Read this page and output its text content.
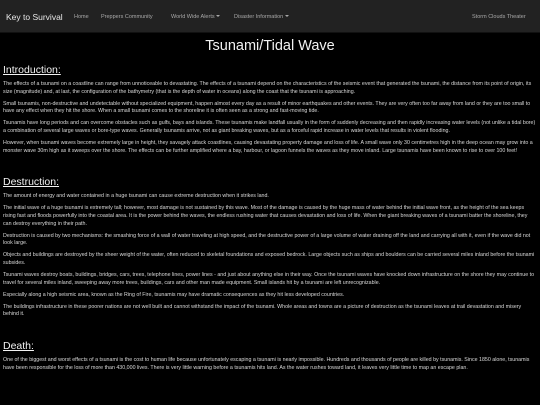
Key to Survival Home Preppers Community	World Wide Alerts	Disaster Information	Storm Clouds Theater
Tsunami/Tidal Wave
Introduction:

The effects of a tsunami on a coastline can range from unnoticeable to devastating. The effects of a tsunami depend on the characteristics of the seismic event that generated the tsunami, the distance from its point of origin, its size (magnitude) and, at last, the configuration of the bathymetry (that is the depth of water in oceans) along the coast that the tsunami is approaching.

Small tsunamis, non-destructive and undetectable without specialized equipment, happen almost every day as a result of minor earthquakes and other events. They are very often too far away from land or they are too small to have any effect when they hit the shore. When a small tsunami comes to the shoreline it is often seen as a strong and fast-moving tide.

Tsunamis have long periods and can overcome obstacles such as gulfs, bays and islands. These tsunamis make landfall usually in the form of suddenly decreasing and then rapidly increasing water levels (not unlike a tidal bore) a combination of several large waves or bore-type waves. Generally tsunamis arrive, not as giant breaking waves, but as a forceful rapid increase in water levels that results in violent flooding.

However, when tsunami waves become extremely large in height, they savagely attack coastlines, causing devastating property damage and loss of life. A small wave only 30 centimetres high in the deep ocean may grow into a monster wave 30m high as it sweeps over the shore. The effects can be further amplified where a bay, harbour, or lagoon funnels the waves as they move inland. Large tsunamis have been known to rise to over 100 feet!

Destruction:

The amount of energy and water contained in a huge tsunami can cause extreme destruction when it strikes land.

The initial wave of a huge tsunami is extremely tall; however, most damage is not sustained by this wave. Most of the damage is caused by the huge mass of water behind the initial wave front, as the height of the sea keeps rising fast and floods powerfully into the coastal area. It is the power behind the waves, the endless rushing water that causes devastation and loss of life. When the giant breaking waves of a tsunami batter the shoreline, they can destroy everything in their path.

Destruction is caused by two mechanisms: the smashing force of a wall of water traveling at high speed, and the destructive power of a large volume of water draining off the land and carrying all with it, even if the wave did not look large.

Objects and buildings are destroyed by the sheer weight of the water, often reduced to skeletal foundations and exposed bedrock. Large objects such as ships and boulders can be carried several miles inland before the tsunami subsides.

Tsunami waves destroy boats, buildings, bridges, cars, trees, telephone lines, power lines - and just about anything else in their way. Once the tsunami waves have knocked down infrastructure on the shore they may continue to travel for several miles inland, sweeping away more trees, buildings, cars and other man made equipment. Small islands hit by a tsunami are left unrecognizable.

Especially along a high seismic area, known as the Ring of Fire, tsunamis may have dramatic consequences as they hit less developed countries.

The buildings infrastructure in these poorer nations are not well built and cannot withstand the impact of the tsunami. Whole areas and towns are a picture of destruction as the tsunami leaves at trail devastation and misery behind it.

Death:

One of the biggest and worst effects of a tsunami is the cost to human life because unfortunately escaping a tsunami is nearly impossible. Hundreds and thousands of people are killed by tsunamis. Since 1850 alone, tsunamis have been responsible for the loss of more than 430,000 lives. There is very little warning before a tsunamis hits land. As the water rushes toward land, it leaves very little time to map an escape plan.
